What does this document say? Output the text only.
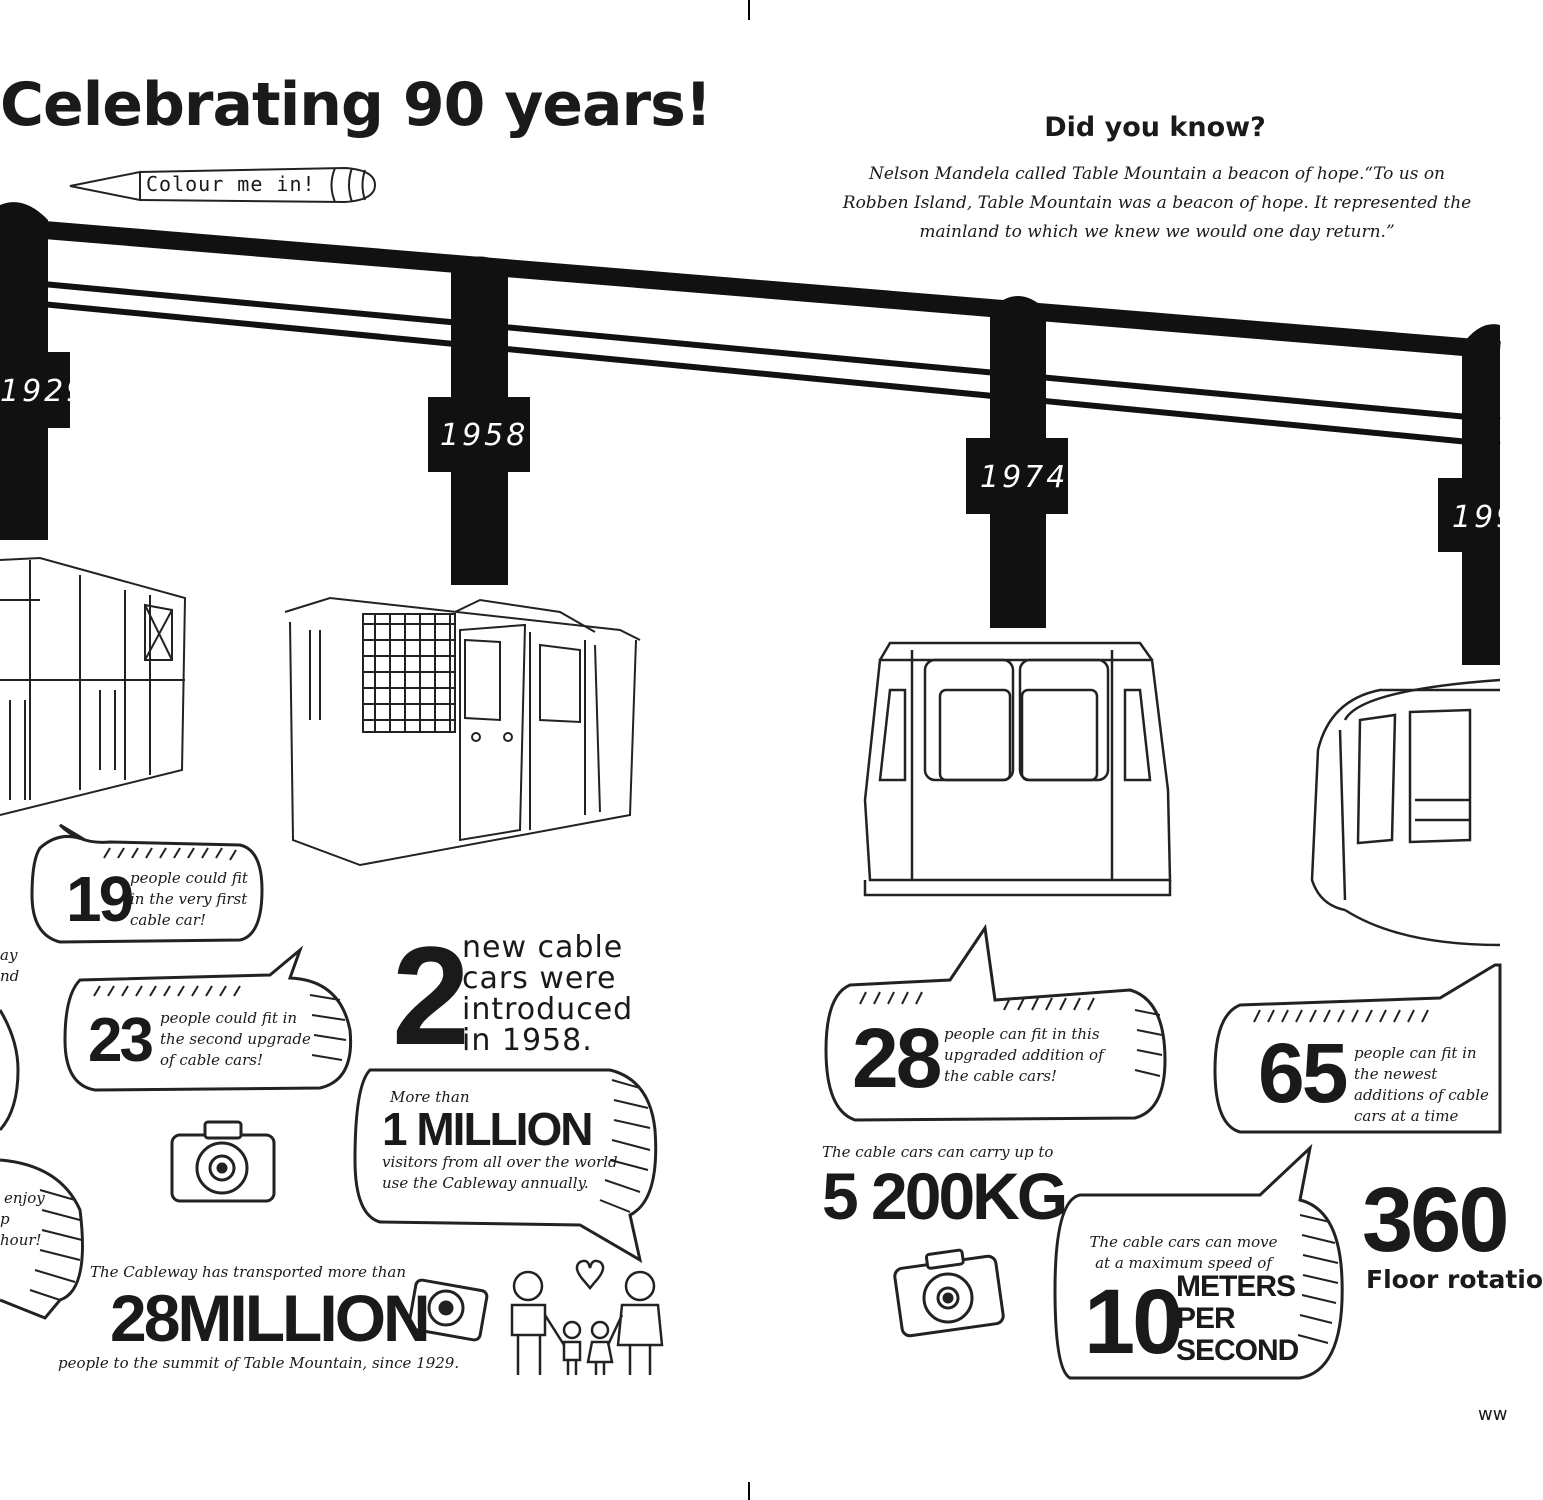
Celebrating 90 years!
Colour me in!
Did you know?
Nelson Mandela called Table Mountain a beacon of hope.“To us on Robben Island, Table Mountain was a beacon of hope. It represented the mainland to which we knew we would one day return.”
1929
1958
1974
199
19
people could fit in the very first cable car!
23 people could fit in the second upgrade of cable cars! 2
new cable cars were introduced in 1958.
More than
1 MILLION
visitors from all over the world use the Cableway annually.
The Cableway has transported more than
28MILLION
people to the summit of Table Mountain, since 1929.
ay
nd
enjoy
p
hour!
28 people can fit in this upgraded addition of the cable cars!	65 people can fit in the newest additions of cable cars at a time
The cable cars can carry up to
5 200KG
The cable cars can move at a maximum speed of
10
METERS
PER
SECOND
360
Floor rotatio
ww
